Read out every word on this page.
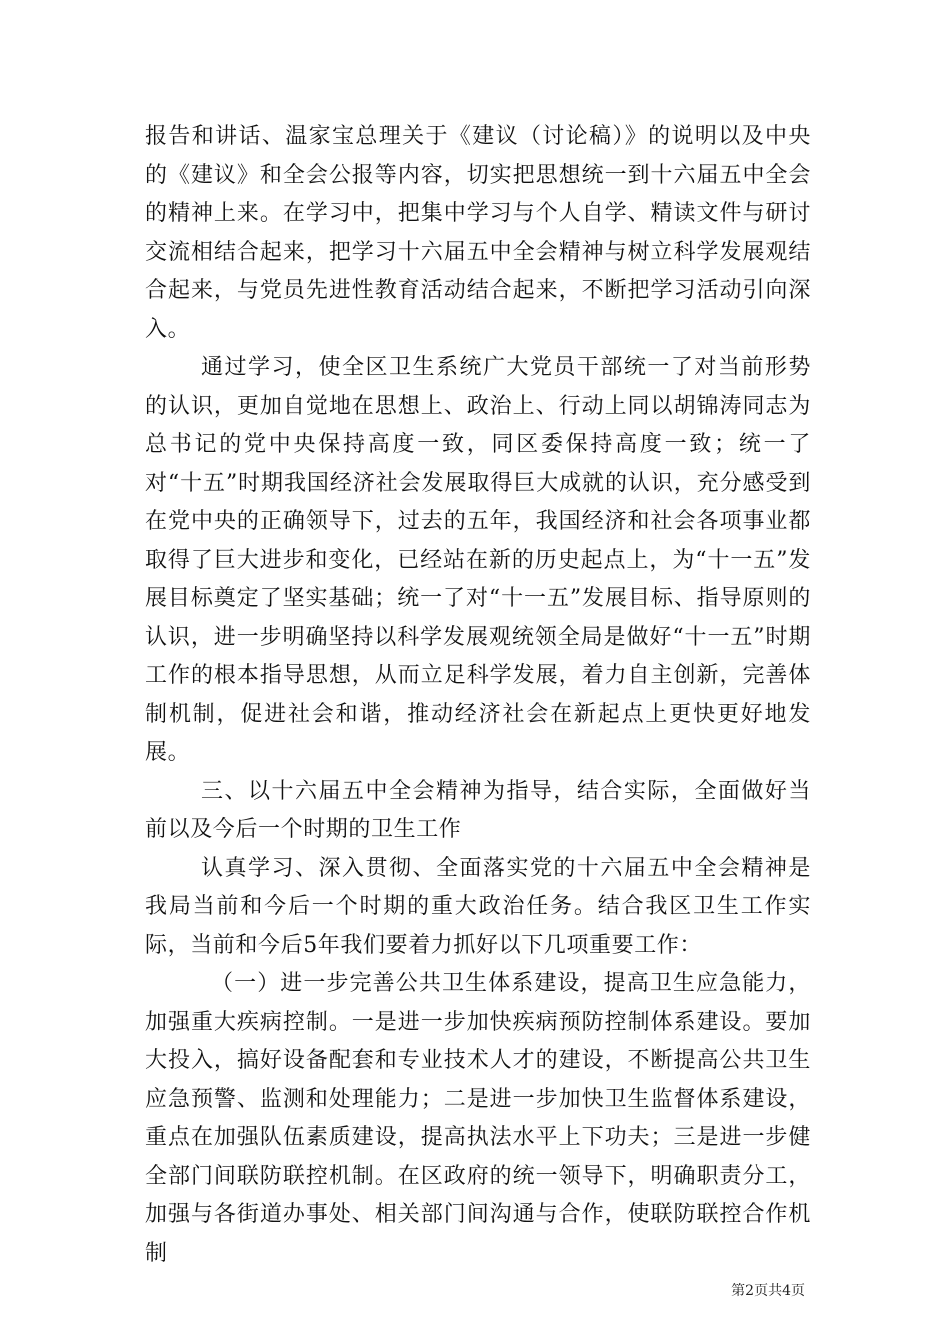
报告和讲话、温家宝总理关于《建议（讨论稿）》的说明以及中央的《建议》和全会公报等内容，切实把思想统一到十六届五中全会的精神上来。在学习中，把集中学习与个人自学、精读文件与研讨交流相结合起来，把学习十六届五中全会精神与树立科学发展观结合起来，与党员先进性教育活动结合起来，不断把学习活动引向深入。

通过学习，使全区卫生系统广大党员干部统一了对当前形势的认识，更加自觉地在思想上、政治上、行动上同以胡锦涛同志为总书记的党中央保持高度一致，同区委保持高度一致；统一了对“十五”时期我国经济社会发展取得巨大成就的认识，充分感受到在党中央的正确领导下，过去的五年，我国经济和社会各项事业都取得了巨大进步和变化，已经站在新的历史起点上，为“十一五”发展目标奠定了坚实基础；统一了对“十一五”发展目标、指导原则的认识，进一步明确坚持以科学发展观统领全局是做好“十一五”时期工作的根本指导思想，从而立足科学发展，着力自主创新，完善体制机制，促进社会和谐，推动经济社会在新起点上更快更好地发展。

三、以十六届五中全会精神为指导，结合实际，全面做好当前以及今后一个时期的卫生工作

认真学习、深入贯彻、全面落实党的十六届五中全会精神是我局当前和今后一个时期的重大政治任务。结合我区卫生工作实际，当前和今后5年我们要着力抓好以下几项重要工作：

（一）进一步完善公共卫生体系建设，提高卫生应急能力，加强重大疾病控制。一是进一步加快疾病预防控制体系建设。要加大投入，搞好设备配套和专业技术人才的建设，不断提高公共卫生应急预警、监测和处理能力；二是进一步加快卫生监督体系建设，重点在加强队伍素质建设，提高执法水平上下功夫；三是进一步健全部门间联防联控机制。在区政府的统一领导下，明确职责分工，加强与各街道办事处、相关部门间沟通与合作，使联防联控合作机制

第2页共4页
